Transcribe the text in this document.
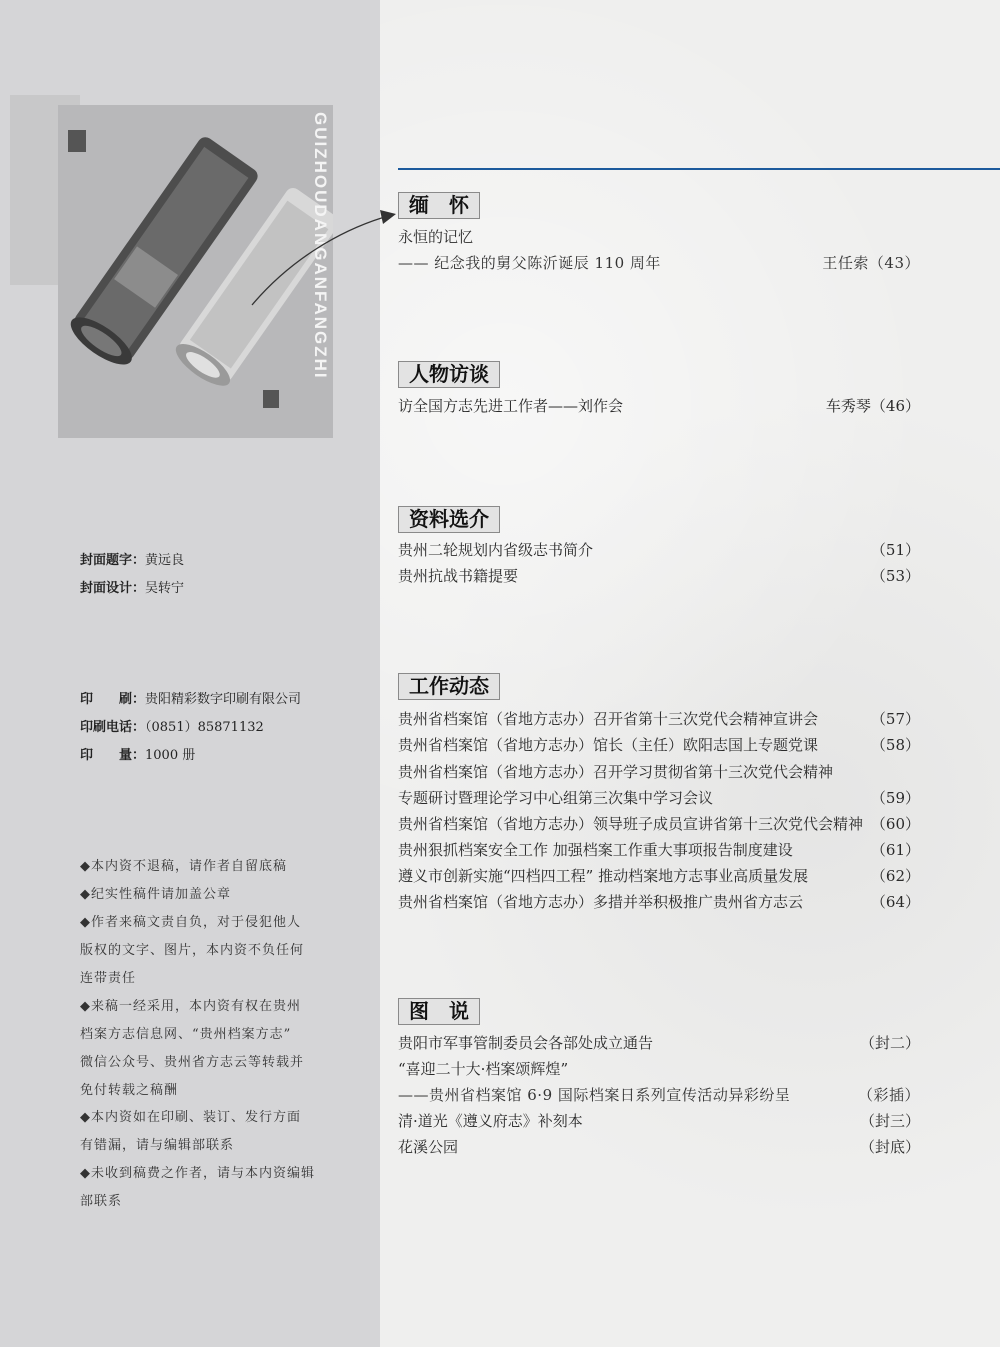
GUIZHOUDANGANFANGZHI
封面题字：黄远良
封面设计：吴转宁
印　　刷：贵阳精彩数字印刷有限公司
印刷电话：（0851）85871132
印　　量：1000 册
◆本内资不退稿，请作者自留底稿
◆纪实性稿件请加盖公章
◆作者来稿文责自负，对于侵犯他人
版权的文字、图片，本内资不负任何
连带责任
◆来稿一经采用，本内资有权在贵州
档案方志信息网、“贵州档案方志”
微信公众号、贵州省方志云等转载并
免付转载之稿酬
◆本内资如在印刷、装订、发行方面
有错漏，请与编辑部联系
◆未收到稿费之作者，请与本内资编辑
部联系
缅　怀
永恒的记忆
—— 纪念我的舅父陈沂诞辰 110 周年	王任索（43）
人物访谈
访全国方志先进工作者——刘作会	车秀琴（46）
资料选介
贵州二轮规划内省级志书简介	（51）
贵州抗战书籍提要	（53）
工作动态
贵州省档案馆（省地方志办）召开省第十三次党代会精神宣讲会	（57）
贵州省档案馆（省地方志办）馆长（主任）欧阳志国上专题党课	（58）
贵州省档案馆（省地方志办）召开学习贯彻省第十三次党代会精神
专题研讨暨理论学习中心组第三次集中学习会议	（59）
贵州省档案馆（省地方志办）领导班子成员宣讲省第十三次党代会精神 （60）
贵州狠抓档案安全工作 加强档案工作重大事项报告制度建设	（61）
遵义市创新实施“四档四工程” 推动档案地方志事业高质量发展	（62）
贵州省档案馆（省地方志办）多措并举积极推广贵州省方志云	（64）
图　说
贵阳市军事管制委员会各部处成立通告	（封二）
“喜迎二十大·档案颂辉煌”
——贵州省档案馆 6·9 国际档案日系列宣传活动异彩纷呈	（彩插）
清·道光《遵义府志》补刻本	（封三）
花溪公园	（封底）
